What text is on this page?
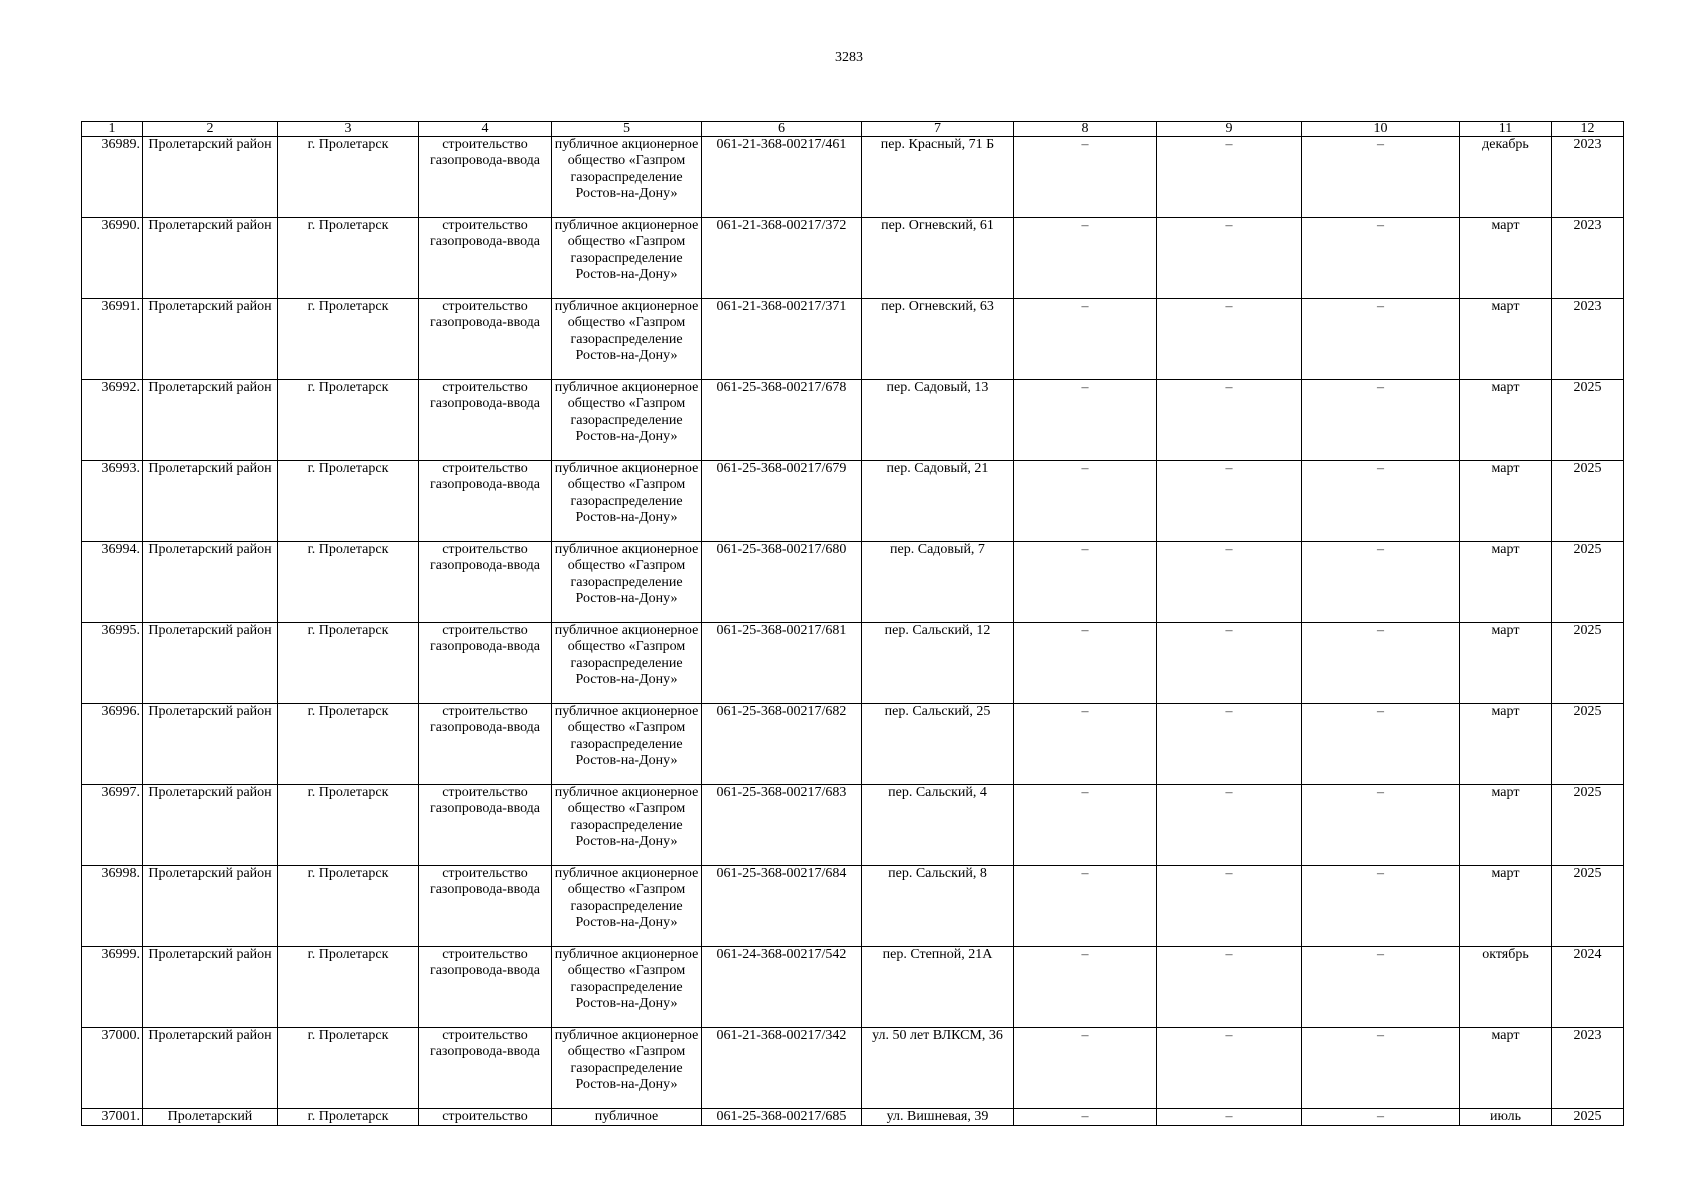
3283
1	2	3	4	5	6	7	8	9	10	11	12
36989.	Пролетарский район	г. Пролетарск	строительство газопровода-ввода	публичное акционерное общество «Газпром газораспределение Ростов-на-Дону»	061-21-368-00217/461	пер. Красный, 71 Б	–	–	–	декабрь	2023
36990.	Пролетарский район	г. Пролетарск	строительство газопровода-ввода	публичное акционерное общество «Газпром газораспределение Ростов-на-Дону»	061-21-368-00217/372	пер. Огневский, 61	–	–	–	март	2023
36991.	Пролетарский район	г. Пролетарск	строительство газопровода-ввода	публичное акционерное общество «Газпром газораспределение Ростов-на-Дону»	061-21-368-00217/371	пер. Огневский, 63	–	–	–	март	2023
36992.	Пролетарский район	г. Пролетарск	строительство газопровода-ввода	публичное акционерное общество «Газпром газораспределение Ростов-на-Дону»	061-25-368-00217/678	пер. Садовый, 13	–	–	–	март	2025
36993.	Пролетарский район	г. Пролетарск	строительство газопровода-ввода	публичное акционерное общество «Газпром газораспределение Ростов-на-Дону»	061-25-368-00217/679	пер. Садовый, 21	–	–	–	март	2025
36994.	Пролетарский район	г. Пролетарск	строительство газопровода-ввода	публичное акционерное общество «Газпром газораспределение Ростов-на-Дону»	061-25-368-00217/680	пер. Садовый, 7	–	–	–	март	2025
36995.	Пролетарский район	г. Пролетарск	строительство газопровода-ввода	публичное акционерное общество «Газпром газораспределение Ростов-на-Дону»	061-25-368-00217/681	пер. Сальский, 12	–	–	–	март	2025
36996.	Пролетарский район	г. Пролетарск	строительство газопровода-ввода	публичное акционерное общество «Газпром газораспределение Ростов-на-Дону»	061-25-368-00217/682	пер. Сальский, 25	–	–	–	март	2025
36997.	Пролетарский район	г. Пролетарск	строительство газопровода-ввода	публичное акционерное общество «Газпром газораспределение Ростов-на-Дону»	061-25-368-00217/683	пер. Сальский, 4	–	–	–	март	2025
36998.	Пролетарский район	г. Пролетарск	строительство газопровода-ввода	публичное акционерное общество «Газпром газораспределение Ростов-на-Дону»	061-25-368-00217/684	пер. Сальский, 8	–	–	–	март	2025
36999.	Пролетарский район	г. Пролетарск	строительство газопровода-ввода	публичное акционерное общество «Газпром газораспределение Ростов-на-Дону»	061-24-368-00217/542	пер. Степной, 21А	–	–	–	октябрь	2024
37000.	Пролетарский район	г. Пролетарск	строительство газопровода-ввода	публичное акционерное общество «Газпром газораспределение Ростов-на-Дону»	061-21-368-00217/342	ул. 50 лет ВЛКСМ, 36	–	–	–	март	2023
37001.	Пролетарский	г. Пролетарск	строительство	публичное	061-25-368-00217/685	ул. Вишневая, 39	–	–	–	июль	2025
